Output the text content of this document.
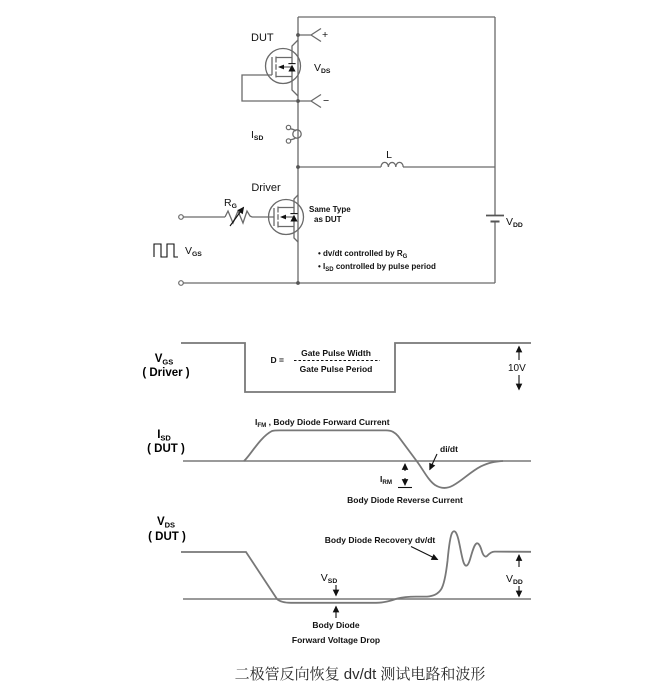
L
VDD
+
−
VDS
DUT
ISD
Driver
Same Type
as DUT
RG
VGS	• dv/dt controlled by RG
• ISD controlled by pulse period
$V_{GS}$
( Driver )
D =
Gate Pulse Width
Gate Pulse Period	10V
$I_{SD}$
( DUT )
IFM , Body Diode Forward Current
di/dt
IRM
Body Diode Reverse Current
$V_{DS}$
( DUT )	Body Diode Recovery dv/dt
VSD
Body Diode
Forward Voltage Drop
VDD
二极管反向恢复 dv/dt 测试电路和波形
